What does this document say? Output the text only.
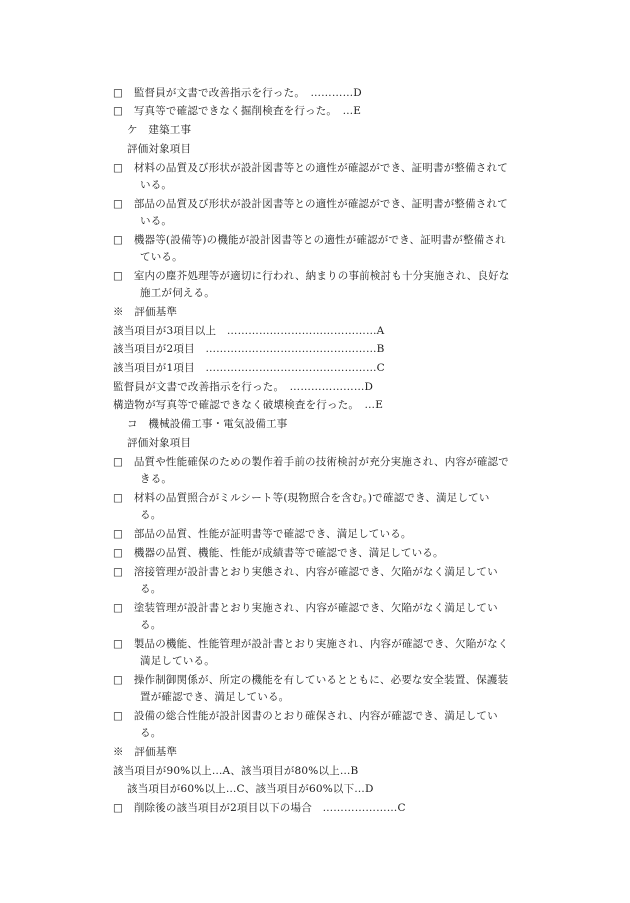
□　監督員が文書で改善指示を行った。　…………D
□　写真等で確認できなく掘削検査を行った。　…E
ケ　建築工事
評価対象項目
□　材料の品質及び形状が設計図書等との適性が確認ができ、証明書が整備されて
いる。
□　部品の品質及び形状が設計図書等との適性が確認ができ、証明書が整備されて
いる。
□　機器等(設備等)の機能が設計図書等との適性が確認ができ、証明書が整備され
ている。
□　室内の塵芥処理等が適切に行われ、納まりの事前検討も十分実施され、良好な
施工が伺える。
※　評価基準
該当項目が3項目以上　……………………………………A
該当項目が2項目　…………………………………………B
該当項目が1項目　…………………………………………C
監督員が文書で改善指示を行った。　…………………D
構造物が写真等で確認できなく破壊検査を行った。　…E
コ　機械設備工事・電気設備工事
評価対象項目
□　品質や性能確保のための製作着手前の技術検討が充分実施され、内容が確認で
きる。
□　材料の品質照合がミルシート等(現物照合を含む。)で確認でき、満足してい
る。
□　部品の品質、性能が証明書等で確認でき、満足している。
□　機器の品質、機能、性能が成績書等で確認でき、満足している。
□　溶接管理が設計書とおり実態され、内容が確認でき、欠陥がなく満足してい
る。
□　塗装管理が設計書とおり実施され、内容が確認でき、欠陥がなく満足してい
る。
□　製品の機能、性能管理が設計書とおり実施され、内容が確認でき、欠陥がなく
満足している。
□　操作制御関係が、所定の機能を有しているとともに、必要な安全装置、保護装
置が確認でき、満足している。
□　設備の総合性能が設計図書のとおり確保され、内容が確認でき、満足してい
る。
※　評価基準
該当項目が90%以上…A、該当項目が80%以上…B
該当項目が60%以上…C、該当項目が60%以下…D
□　削除後の該当項目が2項目以下の場合　…………………C
